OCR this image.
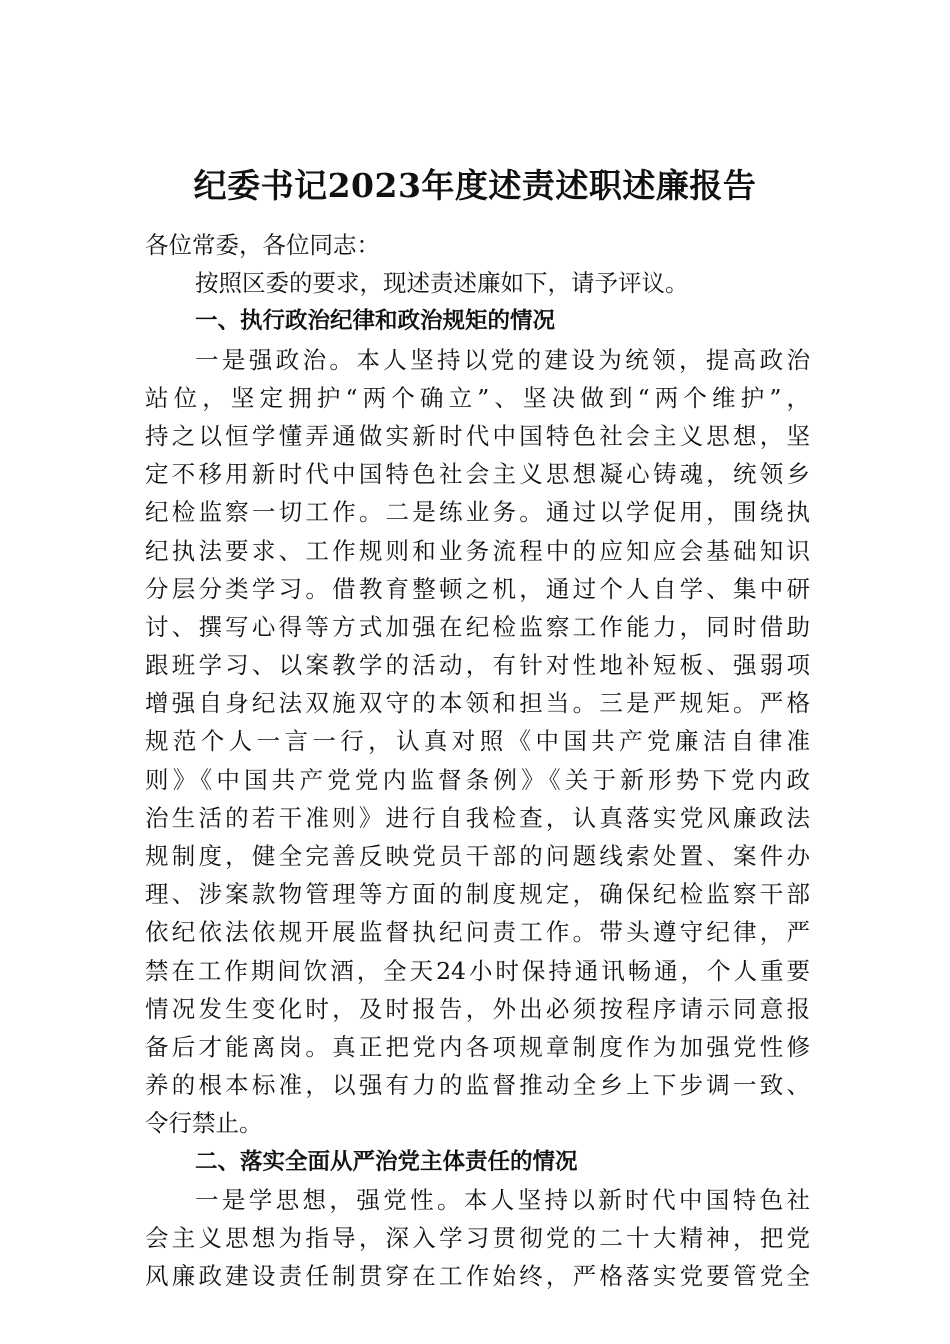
纪委书记2023年度述责述职述廉报告
各位常委，各位同志：
按照区委的要求，现述责述廉如下，请予评议。
一、执行政治纪律和政治规矩的情况
一是强政治。本人坚持以党的建设为统领，提高政治
站位，坚定拥护“两个确立”、坚决做到“两个维护”，
持之以恒学懂弄通做实新时代中国特色社会主义思想，坚
定不移用新时代中国特色社会主义思想凝心铸魂，统领乡
纪检监察一切工作。二是练业务。通过以学促用，围绕执
纪执法要求、工作规则和业务流程中的应知应会基础知识
分层分类学习。借教育整顿之机，通过个人自学、集中研
讨、撰写心得等方式加强在纪检监察工作能力，同时借助
跟班学习、以案教学的活动，有针对性地补短板、强弱项
增强自身纪法双施双守的本领和担当。三是严规矩。严格
规范个人一言一行，认真对照《中国共产党廉洁自律准
则》《中国共产党党内监督条例》《关于新形势下党内政
治生活的若干准则》进行自我检查，认真落实党风廉政法
规制度，健全完善反映党员干部的问题线索处置、案件办
理、涉案款物管理等方面的制度规定，确保纪检监察干部
依纪依法依规开展监督执纪问责工作。带头遵守纪律，严
禁在工作期间饮酒，全天24小时保持通讯畅通，个人重要
情况发生变化时，及时报告，外出必须按程序请示同意报
备后才能离岗。真正把党内各项规章制度作为加强党性修
养的根本标准，以强有力的监督推动全乡上下步调一致、
令行禁止。
二、落实全面从严治党主体责任的情况
一是学思想，强党性。本人坚持以新时代中国特色社
会主义思想为指导，深入学习贯彻党的二十大精神，把党
风廉政建设责任制贯穿在工作始终，严格落实党要管党全
